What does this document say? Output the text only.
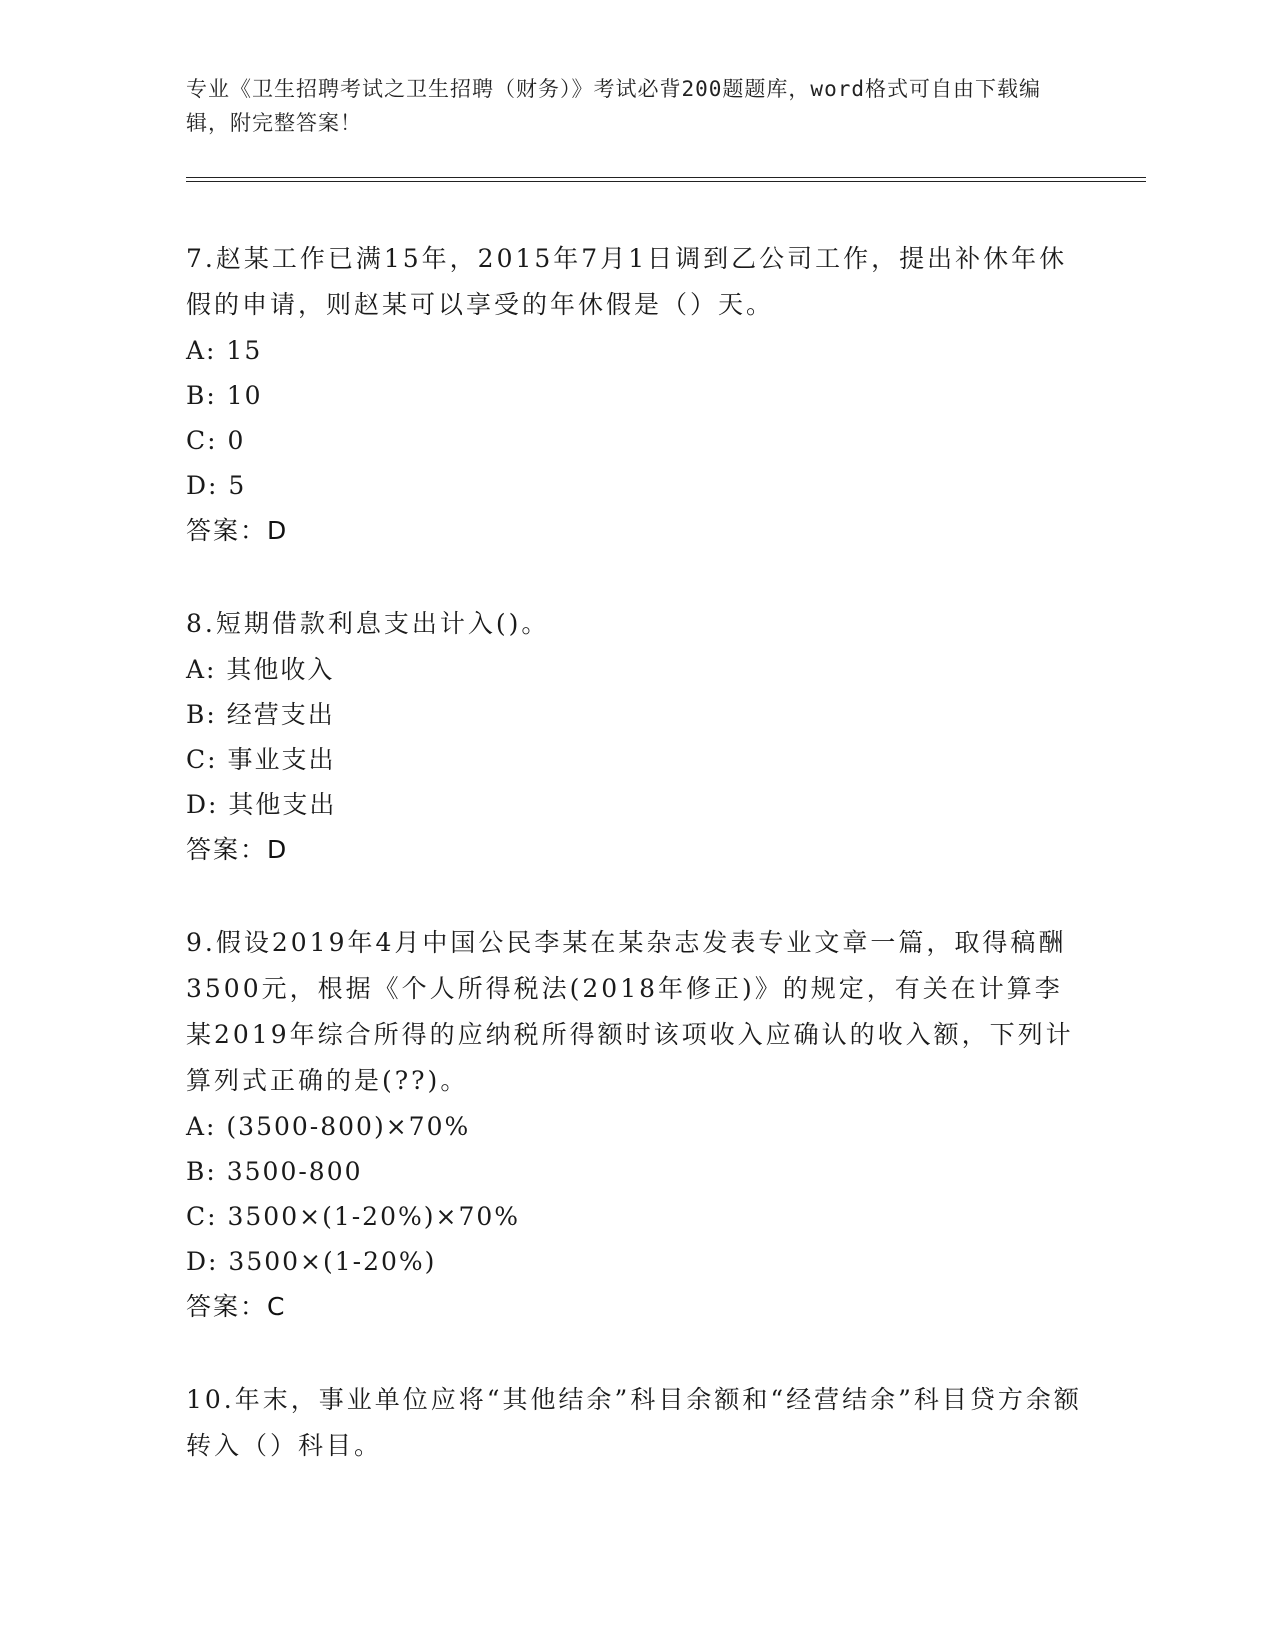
专业《卫生招聘考试之卫生招聘（财务）》考试必背200题题库，word格式可自由下载编辑，附完整答案！
7.赵某工作已满15年，2015年7月1日调到乙公司工作，提出补休年休假的申请，则赵某可以享受的年休假是（）天。
A: 15
B: 10
C: 0
D: 5
答案：D
8.短期借款利息支出计入()。
A: 其他收入
B: 经营支出
C: 事业支出
D: 其他支出
答案：D
9.假设2019年4月中国公民李某在某杂志发表专业文章一篇，取得稿酬3500元，根据《个人所得税法(2018年修正)》的规定，有关在计算李某2019年综合所得的应纳税所得额时该项收入应确认的收入额，下列计算列式正确的是(??)。
A: (3500-800)×70%
B: 3500-800
C: 3500×(1-20%)×70%
D: 3500×(1-20%)
答案：C
10.年末，事业单位应将“其他结余”科目余额和“经营结余”科目贷方余额转入（）科目。
